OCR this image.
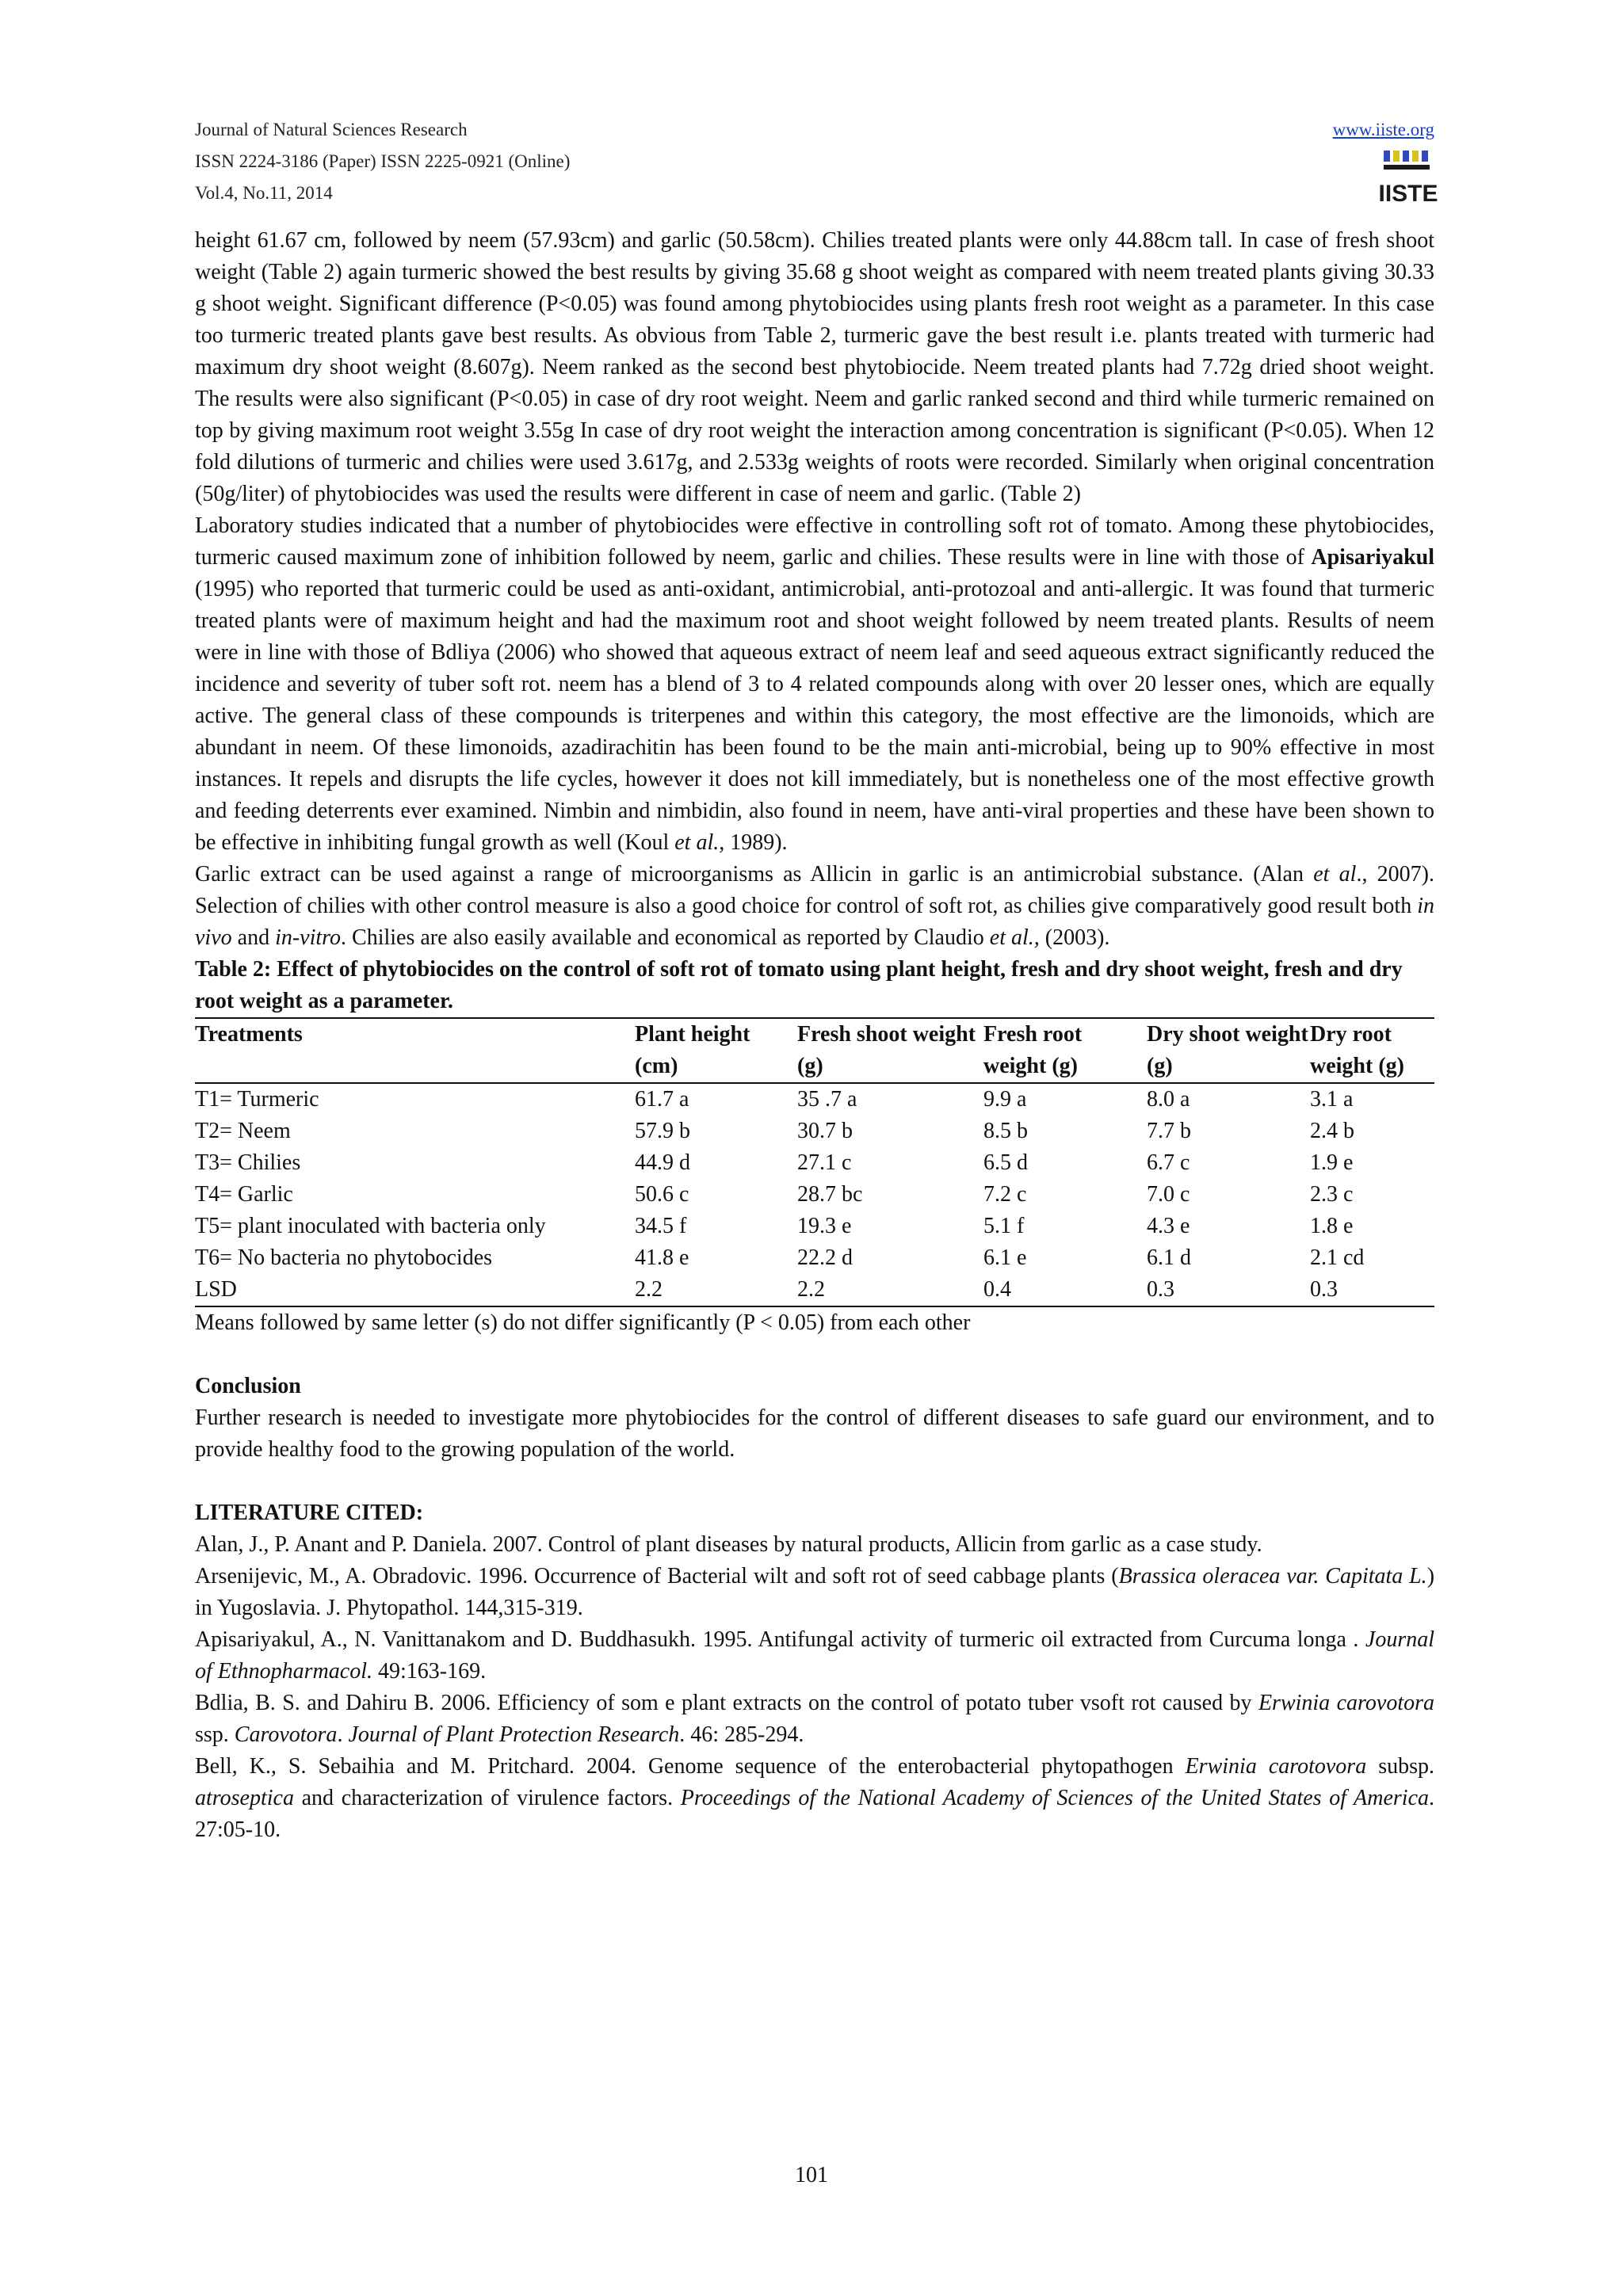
Journal of Natural Sciences Research
ISSN 2224-3186 (Paper) ISSN 2225-0921 (Online)
Vol.4, No.11, 2014
www.iiste.org
IISTE

height 61.67 cm, followed by neem (57.93cm) and garlic (50.58cm). Chilies treated plants were only 44.88cm tall. In case of fresh shoot weight (Table 2) again turmeric showed the best results by giving 35.68 g shoot weight as compared with neem treated plants giving 30.33 g shoot weight. Significant difference (P<0.05) was found among phytobiocides using plants fresh root weight as a parameter. In this case too turmeric treated plants gave best results. As obvious from Table 2, turmeric gave the best result i.e. plants treated with turmeric had maximum dry shoot weight (8.607g). Neem ranked as the second best phytobiocide. Neem treated plants had 7.72g dried shoot weight. The results were also significant (P<0.05) in case of dry root weight. Neem and garlic ranked second and third while turmeric remained on top by giving maximum root weight 3.55g In case of dry root weight the interaction among concentration is significant (P<0.05). When 12 fold dilutions of turmeric and chilies were used 3.617g, and 2.533g weights of roots were recorded. Similarly when original concentration (50g/liter) of phytobiocides was used the results were different in case of neem and garlic. (Table 2)

Laboratory studies indicated that a number of phytobiocides were effective in controlling soft rot of tomato. Among these phytobiocides, turmeric caused maximum zone of inhibition followed by neem, garlic and chilies. These results were in line with those of Apisariyakul (1995) who reported that turmeric could be used as anti-oxidant, antimicrobial, anti-protozoal and anti-allergic. It was found that turmeric treated plants were of maximum height and had the maximum root and shoot weight followed by neem treated plants. Results of neem were in line with those of Bdliya (2006) who showed that aqueous extract of neem leaf and seed aqueous extract significantly reduced the incidence and severity of tuber soft rot. neem has a blend of 3 to 4 related compounds along with over 20 lesser ones, which are equally active. The general class of these compounds is triterpenes and within this category, the most effective are the limonoids, which are abundant in neem. Of these limonoids, azadirachitin has been found to be the main anti-microbial, being up to 90% effective in most instances. It repels and disrupts the life cycles, however it does not kill immediately, but is nonetheless one of the most effective growth and feeding deterrents ever examined. Nimbin and nimbidin, also found in neem, have anti-viral properties and these have been shown to be effective in inhibiting fungal growth as well (Koul et al., 1989).

Garlic extract can be used against a range of microorganisms as Allicin in garlic is an antimicrobial substance. (Alan et al., 2007). Selection of chilies with other control measure is also a good choice for control of soft rot, as chilies give comparatively good result both in vivo and in-vitro. Chilies are also easily available and economical as reported by Claudio et al., (2003).

Table 2: Effect of phytobiocides on the control of soft rot of tomato using plant height, fresh and dry shoot weight, fresh and dry root weight as a parameter.
Treatments	Plant height (cm)	Fresh shoot weight (g)	Fresh root weight (g)	Dry shoot weight (g)	Dry root weight (g)
T1= Turmeric	61.7 a	35 .7 a	9.9 a	8.0 a	3.1 a
T2= Neem	57.9 b	30.7 b	8.5 b	7.7 b	2.4 b
T3= Chilies	44.9 d	27.1 c	6.5 d	6.7 c	1.9 e
T4= Garlic	50.6 c	28.7 bc	7.2 c	7.0 c	2.3 c
T5= plant inoculated with bacteria only	34.5 f	19.3 e	5.1 f	4.3 e	1.8 e
T6= No bacteria no phytobocides	41.8 e	22.2 d	6.1 e	6.1 d	2.1 cd
LSD	2.2	2.2	0.4	0.3	0.3
Means followed by same letter (s) do not differ significantly (P < 0.05) from each other
Conclusion

Further research is needed to investigate more phytobiocides for the control of different diseases to safe guard our environment, and to provide healthy food to the growing population of the world.

LITERATURE CITED:

Alan, J., P. Anant and P. Daniela. 2007. Control of plant diseases by natural products, Allicin from garlic as a case study.

Arsenijevic, M., A. Obradovic. 1996. Occurrence of Bacterial wilt and soft rot of seed cabbage plants (Brassica oleracea var. Capitata L.) in Yugoslavia. J. Phytopathol. 144,315-319.

Apisariyakul, A., N. Vanittanakom and D. Buddhasukh. 1995. Antifungal activity of turmeric oil extracted from Curcuma longa . Journal of Ethnopharmacol. 49:163-169.

Bdlia, B. S. and Dahiru B. 2006. Efficiency of som e plant extracts on the control of potato tuber vsoft rot caused by Erwinia carovotora ssp. Carovotora. Journal of Plant Protection Research. 46: 285-294.

Bell, K., S. Sebaihia and M. Pritchard. 2004. Genome sequence of the enterobacterial phytopathogen Erwinia carotovora subsp. atroseptica and characterization of virulence factors. Proceedings of the National Academy of Sciences of the United States of America. 27:05-10.

101
